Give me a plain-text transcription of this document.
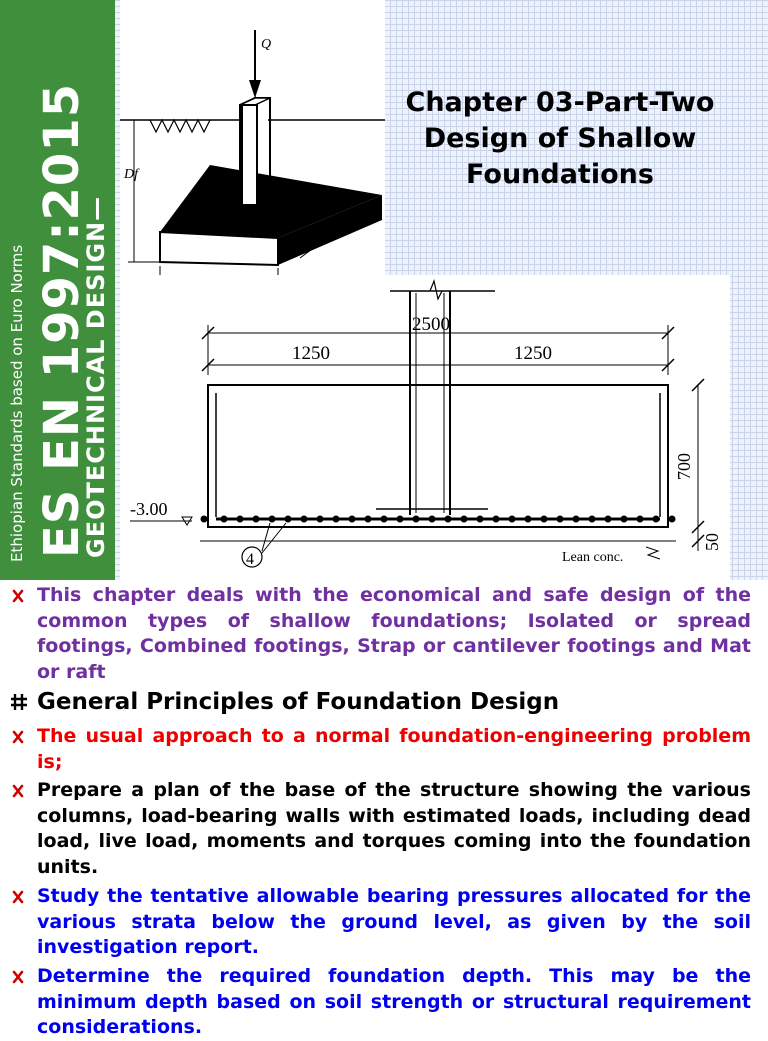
Ethiopian Standards based on Euro Norms ES EN 1997:2015
GEOTECHNICAL DESIGN—
Q
Df
L
2500
1250	1250
-3.00
4	Lean conc.
700
50
Chapter 03-Part-Two
Design of Shallow
Foundations
This chapter deals with the economical and safe design of the common types of shallow foundations; Isolated or spread footings, Combined footings, Strap or cantilever footings and Mat or raft
General Principles of Foundation Design
The usual approach to a normal foundation-engineering problem is;
Prepare a plan of the base of the structure showing the various columns, load-bearing walls with estimated loads, including dead load, live load, moments and torques coming into the foundation units.
Study the tentative allowable bearing pressures allocated for the various strata below the ground level, as given by the soil investigation report.
Determine the required foundation depth. This may be the minimum depth based on soil strength or structural requirement considerations.
